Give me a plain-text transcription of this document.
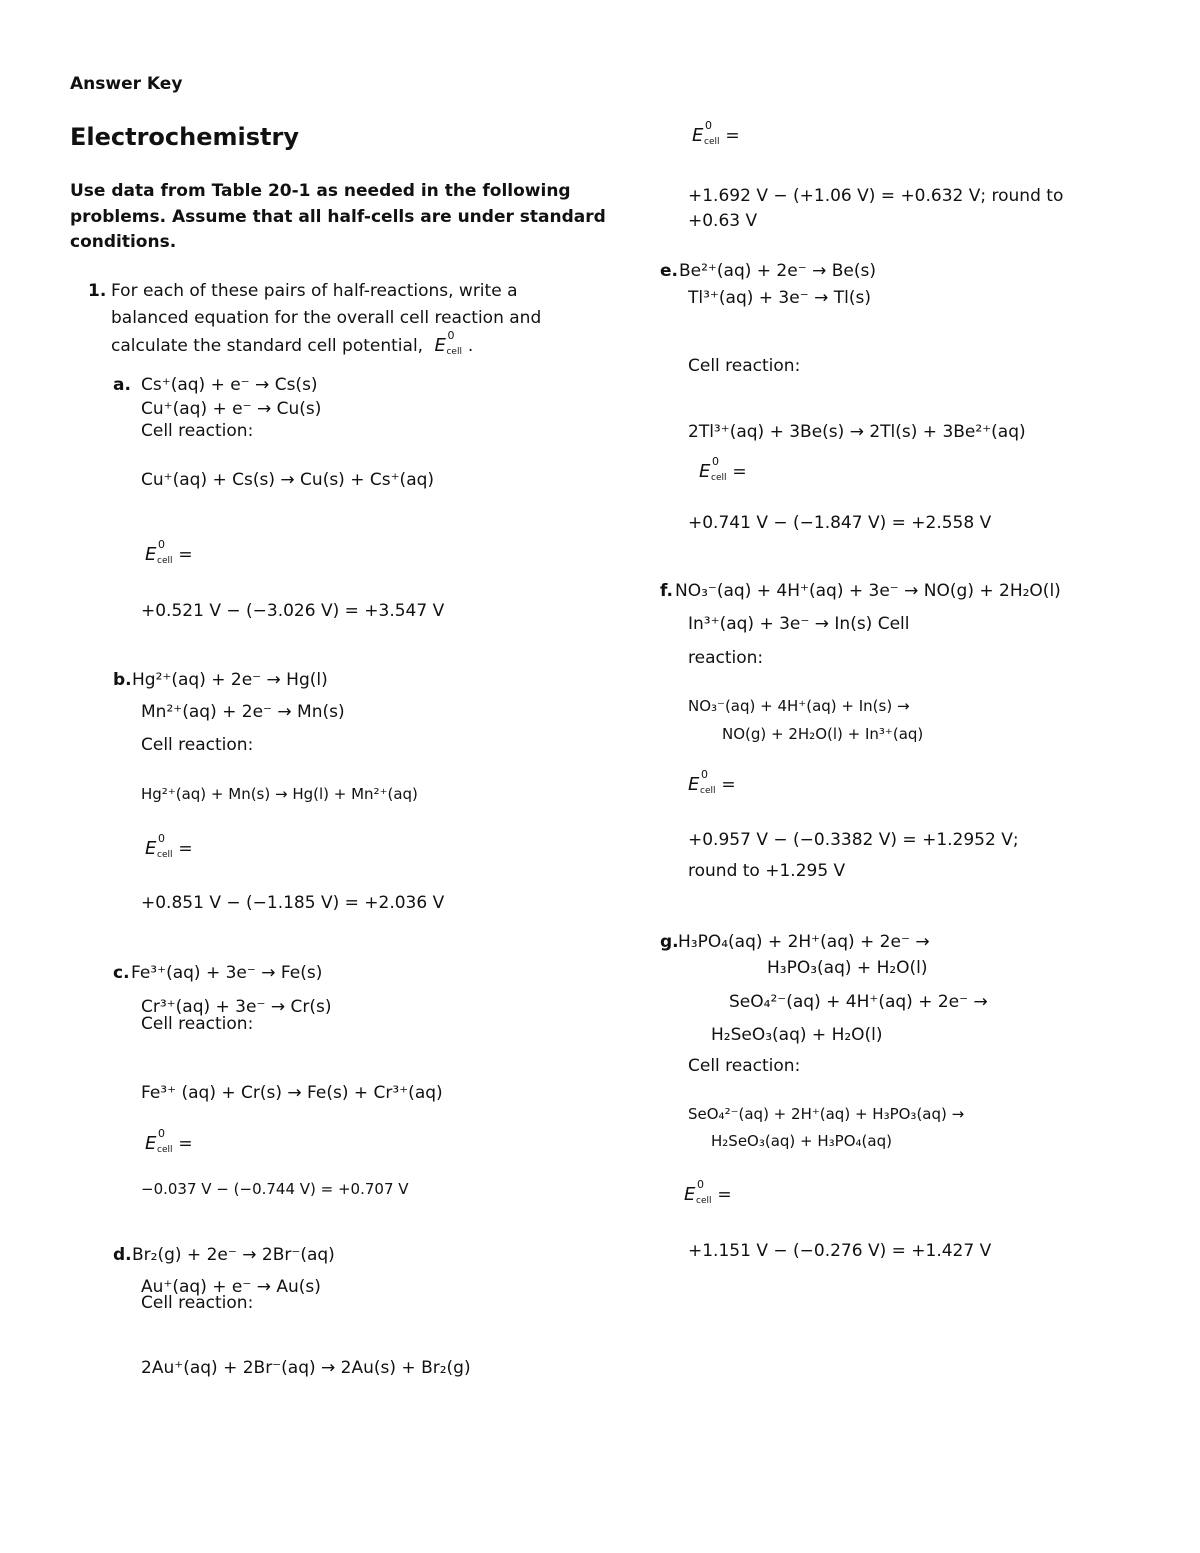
Answer Key
Electrochemistry
Use data from Table 20-1 as needed in the following
problems. Assume that all half-cells are under standard
conditions.
1. For each of these pairs of half-reactions, write a
balanced equation for the overall cell reaction and
calculate the standard cell potential, E 0
cell .
a. Cs⁺(aq) + e⁻ → Cs(s)
Cu⁺(aq) + e⁻ → Cu(s)
Cell reaction:
Cu⁺(aq) + Cs(s) → Cu(s) + Cs⁺(aq)
E 0
cell =
+0.521 V − (−3.026 V) = +3.547 V
b. Hg²⁺(aq) + 2e⁻ → Hg(l)
Mn²⁺(aq) + 2e⁻ → Mn(s)
Cell reaction:
Hg²⁺(aq) + Mn(s) → Hg(l) + Mn²⁺(aq)
E 0
cell =
+0.851 V − (−1.185 V) = +2.036 V
c. Fe³⁺(aq) + 3e⁻ → Fe(s)
Cr³⁺(aq) + 3e⁻ → Cr(s)
Cell reaction:
Fe³⁺ (aq) + Cr(s) → Fe(s) + Cr³⁺(aq)
E 0
cell =
−0.037 V − (−0.744 V) = +0.707 V
d. Br₂(g) + 2e⁻ → 2Br⁻(aq)
Au⁺(aq) + e⁻ → Au(s)
Cell reaction:
2Au⁺(aq) + 2Br⁻(aq) → 2Au(s) + Br₂(g)
E 0
cell =
+1.692 V − (+1.06 V) = +0.632 V; round to
+0.63 V
e. Be²⁺(aq) + 2e⁻ → Be(s)
Tl³⁺(aq) + 3e⁻ → Tl(s)
Cell reaction:
2Tl³⁺(aq) + 3Be(s) → 2Tl(s) + 3Be²⁺(aq)
E 0
cell =
+0.741 V − (−1.847 V) = +2.558 V
f. NO₃⁻(aq) + 4H⁺(aq) + 3e⁻ → NO(g) + 2H₂O(l)
In³⁺(aq) + 3e⁻ → In(s) Cell
reaction:
NO₃⁻(aq) + 4H⁺(aq) + In(s) →
NO(g) + 2H₂O(l) + In³⁺(aq)
E 0
cell =
+0.957 V − (−0.3382 V) = +1.2952 V;
round to +1.295 V
g. H₃PO₄(aq) + 2H⁺(aq) + 2e⁻ →
H₃PO₃(aq) + H₂O(l)
SeO₄²⁻(aq) + 4H⁺(aq) + 2e⁻ →
H₂SeO₃(aq) + H₂O(l)
Cell reaction:
SeO₄²⁻(aq) + 2H⁺(aq) + H₃PO₃(aq) →
H₂SeO₃(aq) + H₃PO₄(aq)
E 0
cell =
+1.151 V − (−0.276 V) = +1.427 V
